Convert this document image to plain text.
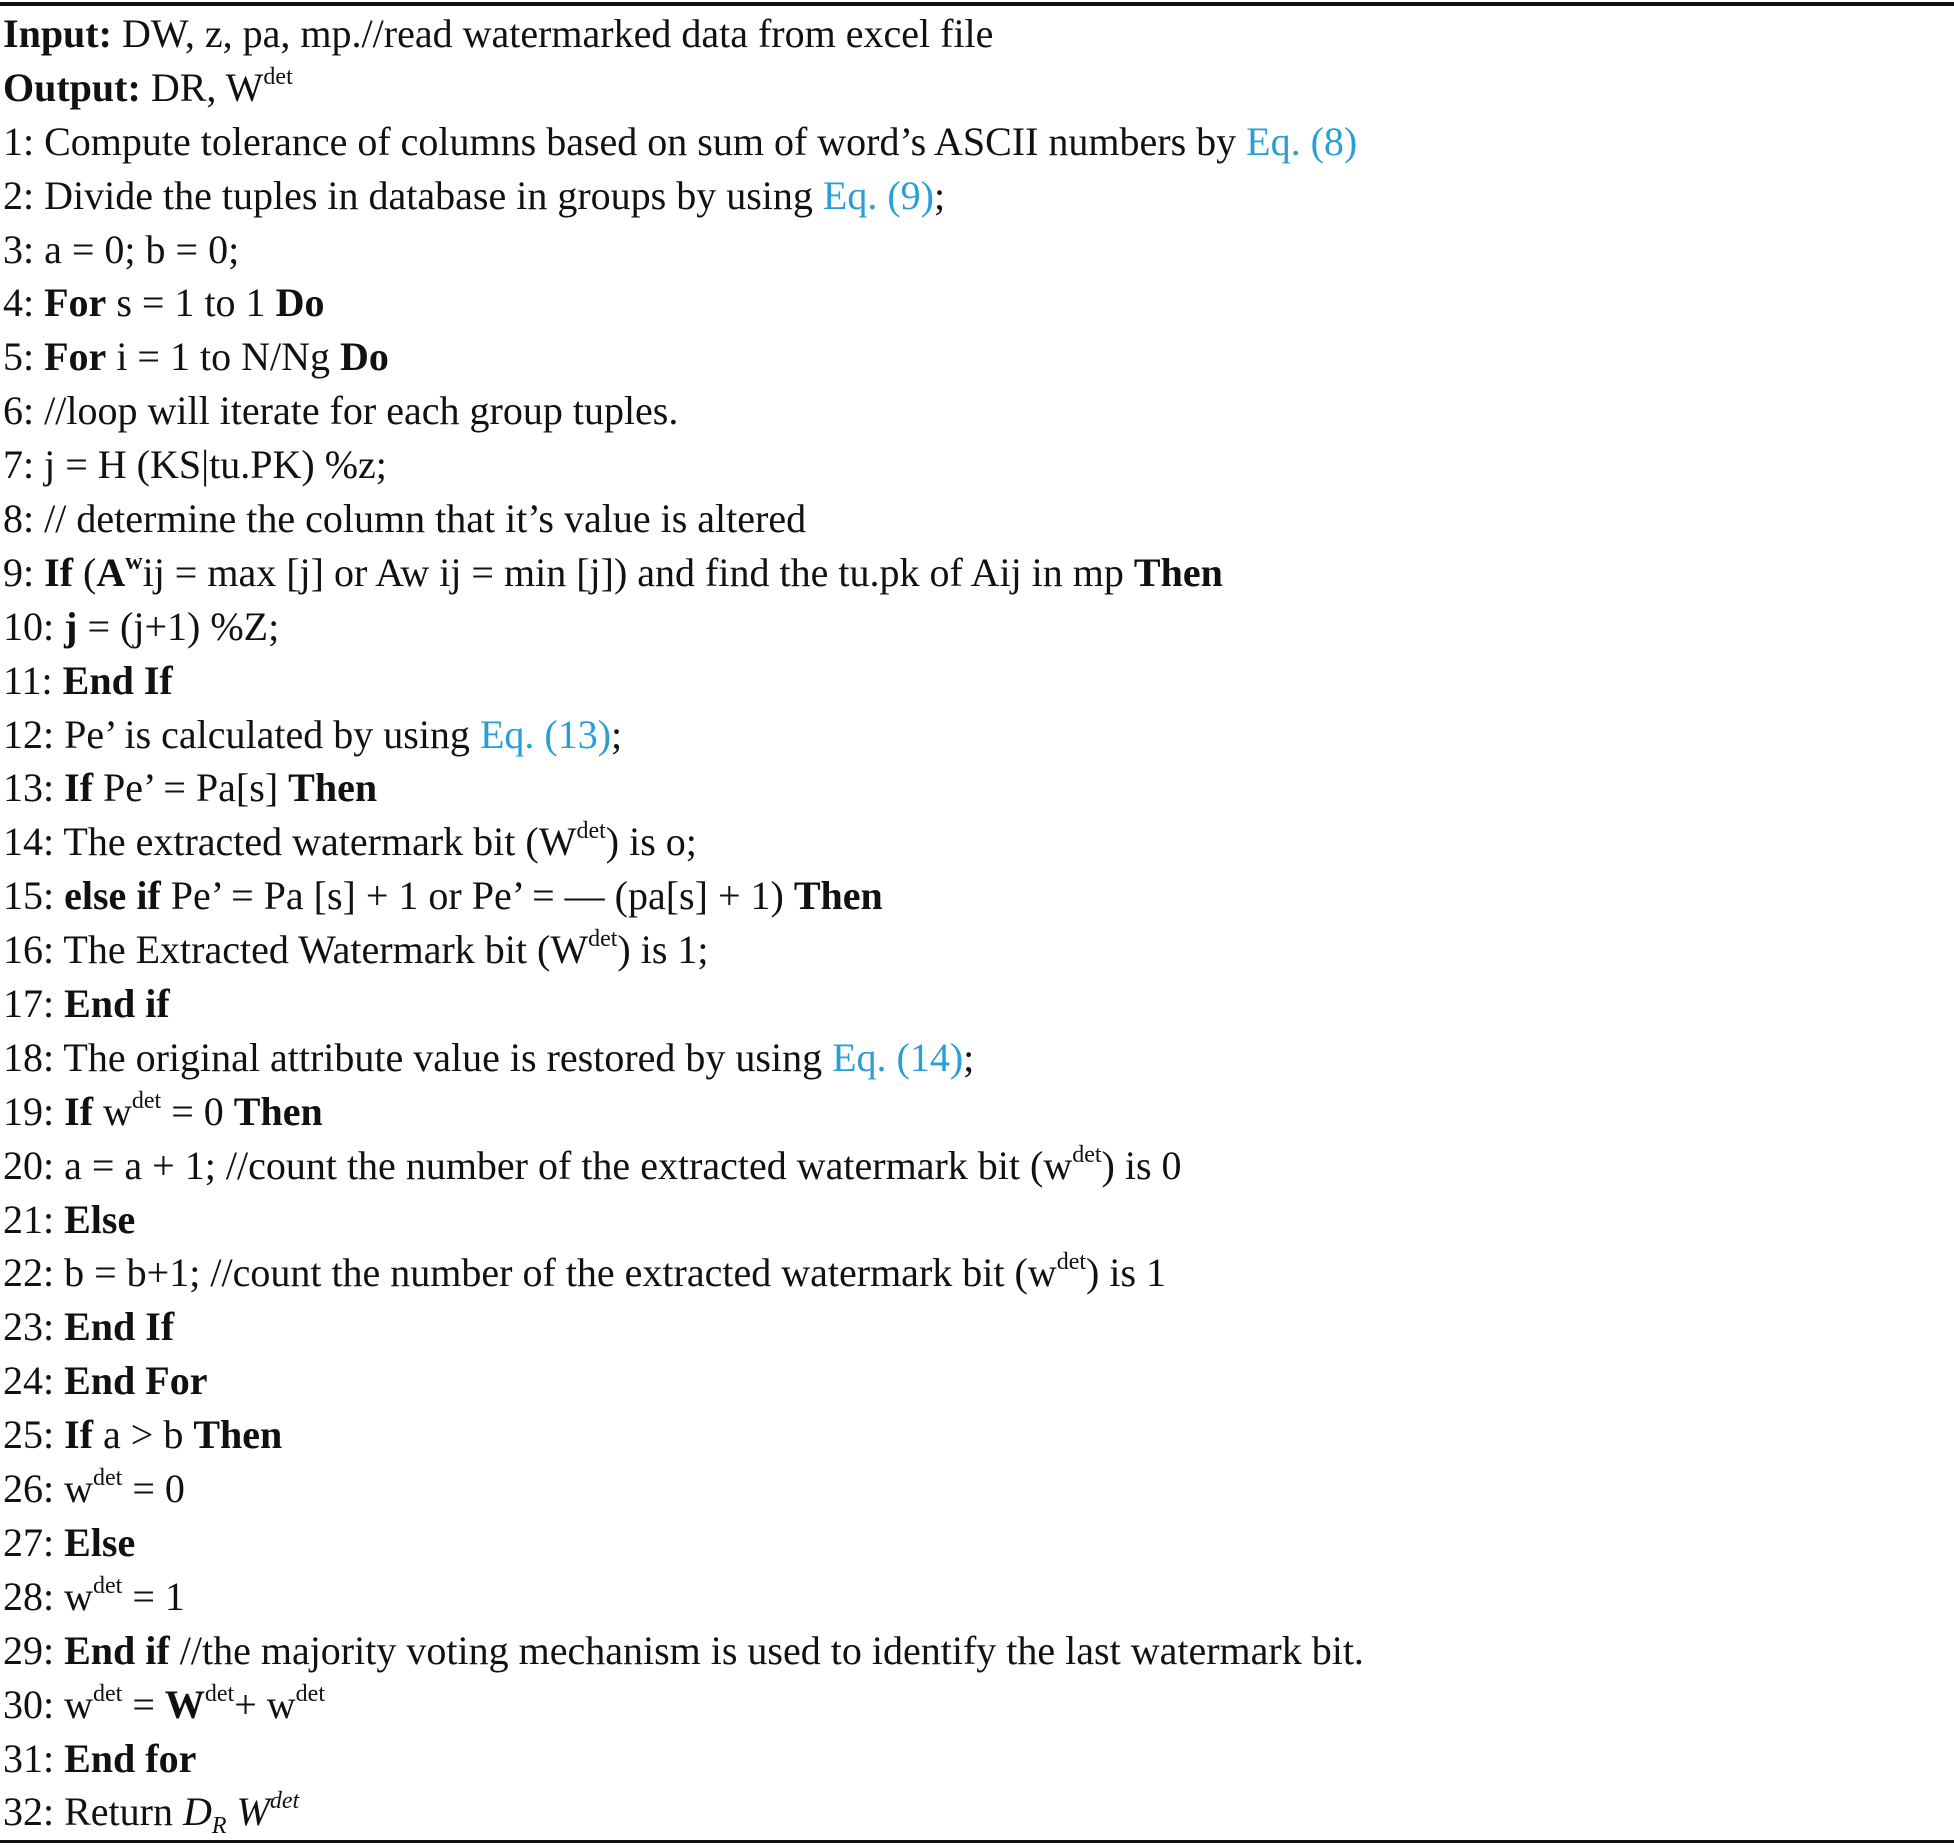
Input: DW, z, pa, mp.//read watermarked data from excel file
Output: DR, $W^{det}$
1: Compute tolerance of columns based on sum of word’s ASCII numbers by Eq. (8)
2: Divide the tuples in database in groups by using Eq. (9);
3: a = 0; b = 0;
4: For s = 1 to 1 Do
5: For i = 1 to N/Ng Do
6: //loop will iterate for each group tuples.
7: j = H (KS|tu.PK) %z;
8: // determine the column that it’s value is altered
9: If ($A^wij = \max [j]$ or Aw ij = min [j]) and find the tu.pk of Aij in mp Then
10: j = (j+1) %Z;
11: End If
12: Pe’ is calculated by using Eq. (13);
13: If Pe’ = Pa[s] Then
14: The extracted watermark bit $(W^{det})$ is o;
15: else if Pe’ = Pa [s] + 1 or Pe’ = — (pa[s] + 1) Then
16: The Extracted Watermark bit $(W^{det})$ is 1;
17: End if
18: The original attribute value is restored by using Eq. (14);
19: If $w^{det} = 0$ Then
20: a = a + 1; //count the number of the extracted watermark bit $(w^{det})$ is 0
21: Else
22: b = b+1; //count the number of the extracted watermark bit $(w^{det})$ is 1
23: End If
24: End For
25: If a > b Then
26: $w^{det} = 0$
27: Else
28: $w^{det} = 1$
29: End if //the majority voting mechanism is used to identify the last watermark bit.
30: $w^{det} = W^{det}+ w^{det}$
31: End for
32: Return $D_R$ $W^{det}$
